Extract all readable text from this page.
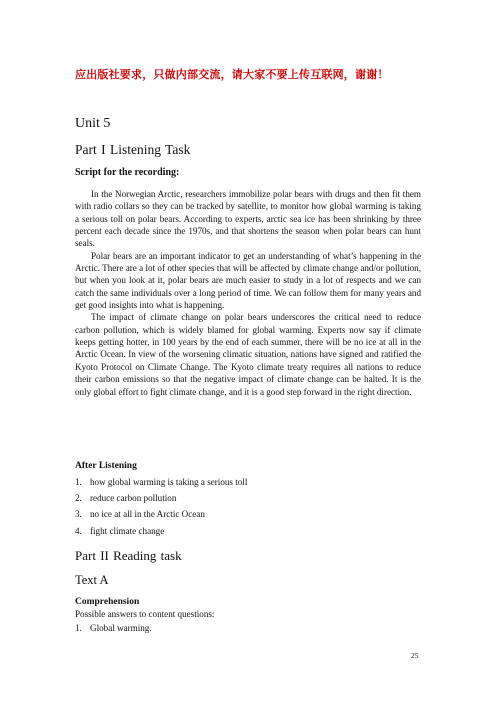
应出版社要求，只做内部交流，请大家不要上传互联网，谢谢！
Unit 5
Part I Listening Task
Script for the recording:

In the Norwegian Arctic, researchers immobilize polar bears with drugs and then fit them with radio collars so they can be tracked by satellite, to monitor how global warming is taking a serious toll on polar bears. According to experts, arctic sea ice has been shrinking by three percent each decade since the 1970s, and that shortens the season when polar bears can hunt seals.

Polar bears are an important indicator to get an understanding of what’s happening in the Arctic. There are a lot of other species that will be affected by climate change and/or pollution, but when you look at it, polar bears are much easier to study in a lot of respects and we can catch the same individuals over a long period of time. We can follow them for many years and get good insights into what is happening.

The impact of climate change on polar bears underscores the critical need to reduce carbon pollution, which is widely blamed for global warming. Experts now say if climate keeps getting hotter, in 100 years by the end of each summer, there will be no ice at all in the Arctic Ocean. In view of the worsening climatic situation, nations have signed and ratified the Kyoto Protocol on Climate Change. The Kyoto climate treaty requires all nations to reduce their carbon emissions so that the negative impact of climate change can be halted. It is the only global effort to fight climate change, and it is a good step forward in the right direction.

After Listening
1. how global warming is taking a serious toll
2. reduce carbon pollution
3. no ice at all in the Arctic Ocean
4. fight climate change
Part II Reading task
Text A
Comprehension
Possible answers to content questions:
1. Global warming.
25
